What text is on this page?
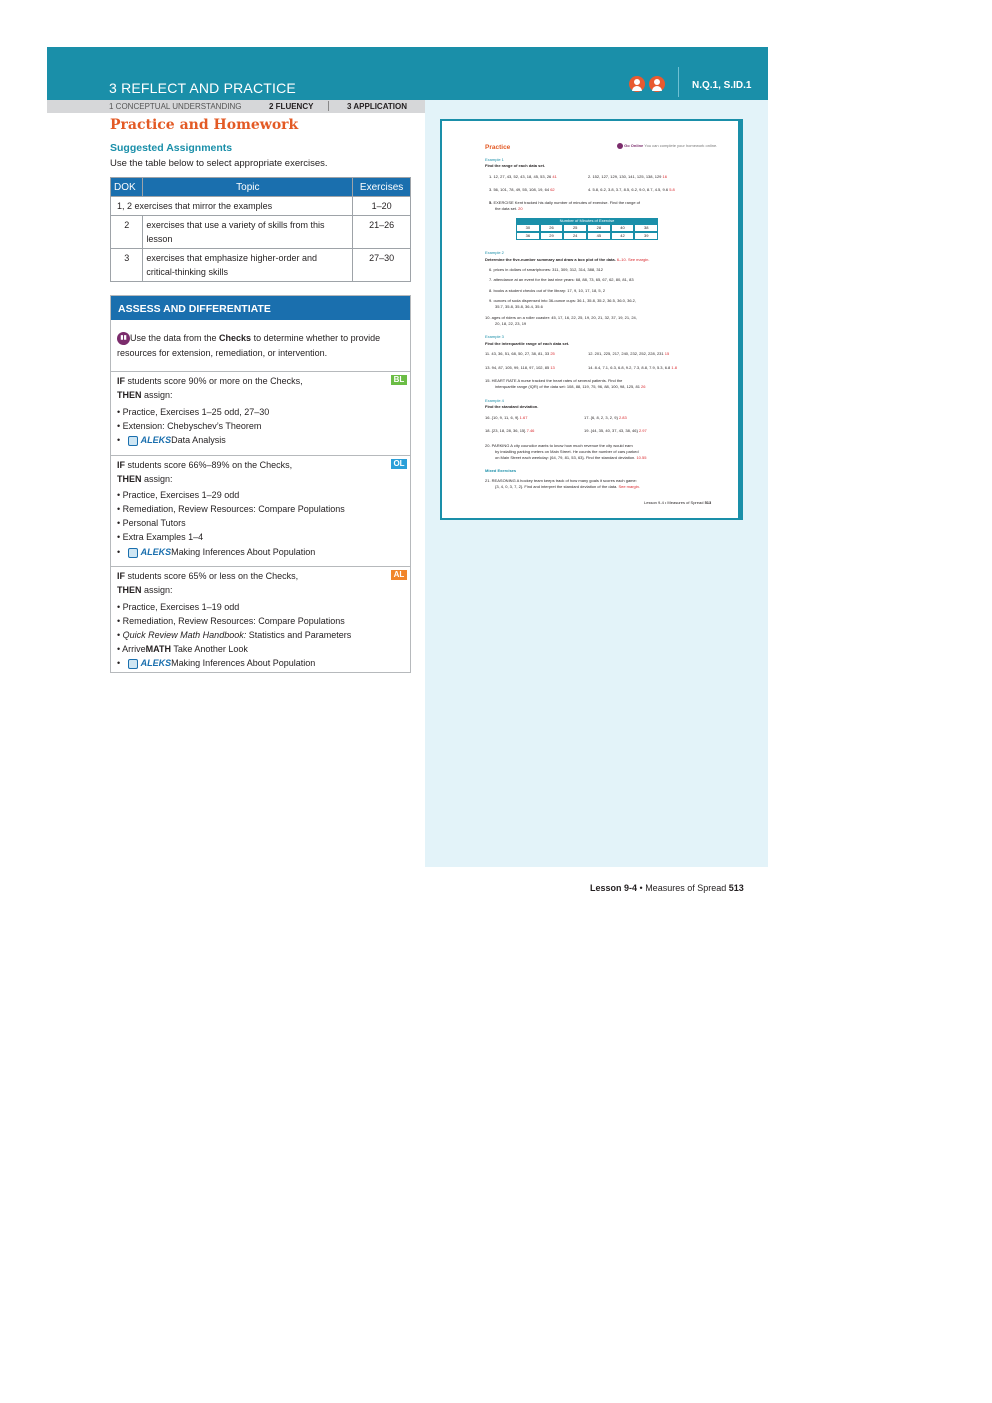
3 REFLECT AND PRACTICE	N.Q.1, S.ID.1
1 CONCEPTUAL UNDERSTANDING	2 FLUENCY	3 APPLICATION
Practice	Go Online You can complete your homework online.
Example 1
Find the range of each data set.
1. 12, 27, 43, 52, 43, 18, 45, 53, 26 41	2. 152, 127, 129, 130, 141, 125, 138, 129 16
3. 56, 101, 78, 49, 55, 108, 19, 64 62	4. 5.8, 6.2, 3.8, 3.7, 8.5, 6.2, 9.0, 8.7, 4.5, 9.6 5.8
5. EXERCISE Kent tracked his daily number of minutes of exercise. Find the range of
the data set. 20
Number of Minutes of Exercise
30	26	25	28	40	38
36	29	24	45	42	39
Example 2
Determine the five-number summary and draw a box plot of the data. 6–10. See margin.
6. prices in dollars of smartphones: 311, 309, 312, 314, 388, 312
7. attendance at an event for the last nine years: 68, 88, 73, 65, 67, 62, 80, 81, 83
8. books a student checks out of the library: 17, 9, 10, 17, 18, 5, 2
9. ounces of soda dispensed into 36-ounce cups: 36.1, 35.8, 35.2, 36.5, 36.0, 36.2,
35.7, 35.8, 35.8, 36.4, 35.6
10. ages of riders on a roller coaster: 45, 17, 16, 22, 25, 19, 20, 21, 32, 37, 19, 21, 24,
20, 18, 22, 23, 19
Example 3
Find the interquartile range of each data set.
11. 43, 36, 51, 68, 50, 27, 38, 81, 33 25	12. 201, 225, 217, 240, 232, 252, 228, 231 15
13. 94, 87, 105, 99, 118, 97, 102, 85 13	14. 8.4, 7.1, 6.3, 6.8, 9.2, 7.3, 8.8, 7.9, 5.3, 6.8 1.8
15. HEART RATE A nurse tracked the heart rates of several patients. Find the
interquartile range (IQR) of the data set: 108, 88, 119, 75, 96, 88, 100, 98, 125, 81 26
Example 4
Find the standard deviation.
16. {10, 9, 11, 6, 9} 1.67	17. {6, 8, 2, 3, 2, 9} 2.83
18. {23, 18, 28, 36, 15} 7.46	19. {44, 35, 40, 37, 43, 38, 46} 2.97
20. PARKING A city councilor wants to know how much revenue the city would earn
by installing parking meters on Main Street. He counts the number of cars parked
on Main Street each weekday: {64, 79, 81, 53, 63}. Find the standard deviation. 10.55
Mixed Exercises
21. REASONING A hockey team keeps track of how many goals it scores each game:
{3, 4, 0, 3, 7, 2}. Find and interpret the standard deviation of the data. See margin.
Lesson 9-4 • Measures of Spread 513
Practice and Homework
Suggested Assignments
Use the table below to select appropriate exercises.
DOK	Topic	Exercises
1, 2 exercises that mirror the examples		1–20
2	exercises that use a variety of skills from this
lesson	21–26
3	exercises that emphasize higher-order and
critical-thinking skills	27–30
ASSESS AND DIFFERENTIATE
▮▮ Use the data from the Checks to determine whether to provide
resources for extension, remediation, or intervention.
BL
IF students score 90% or more on the Checks,
THEN assign:
• Practice, Exercises 1–25 odd, 27–30
• Extension: Chebyschev’s Theorem
•   ALEKSData Analysis
OL
IF students score 66%–89% on the Checks,
THEN assign:
• Practice, Exercises 1–29 odd
• Remediation, Review Resources: Compare Populations
• Personal Tutors
• Extra Examples 1–4
•   ALEKSMaking Inferences About Population
AL
IF students score 65% or less on the Checks,
THEN assign:
• Practice, Exercises 1–19 odd
• Remediation, Review Resources: Compare Populations
• Quick Review Math Handbook: Statistics and Parameters
• ArriveMATH Take Another Look
•   ALEKSMaking Inferences About Population
Lesson 9-4 • Measures of Spread 513
